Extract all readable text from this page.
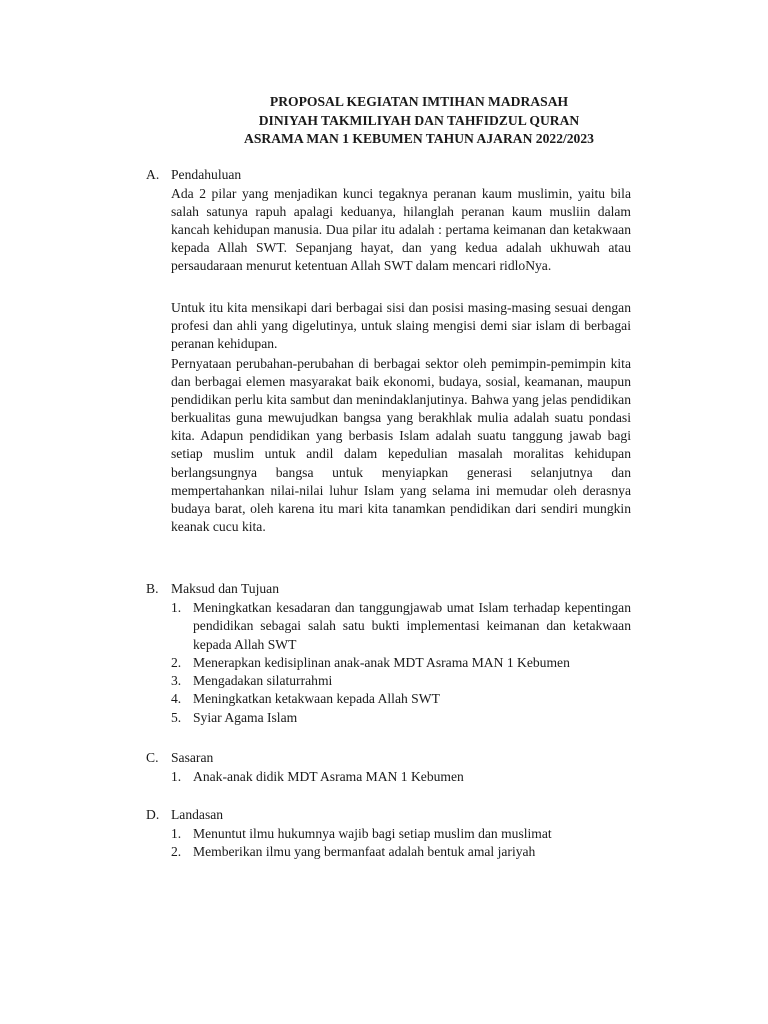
PROPOSAL KEGIATAN IMTIHAN MADRASAH
DINIYAH TAKMILIYAH DAN TAHFIDZUL QURAN
ASRAMA MAN 1 KEBUMEN TAHUN AJARAN 2022/2023
A. Pendahuluan

Ada 2 pilar yang menjadikan kunci tegaknya peranan kaum muslimin, yaitu bila salah satunya rapuh apalagi keduanya, hilanglah peranan kaum musliin dalam kancah kehidupan manusia. Dua pilar itu adalah : pertama keimanan dan ketakwaan kepada Allah SWT. Sepanjang hayat, dan yang kedua adalah ukhuwah atau persaudaraan menurut ketentuan Allah SWT dalam mencari ridloNya.

Untuk itu kita mensikapi dari berbagai sisi dan posisi masing-masing sesuai dengan profesi dan ahli yang digelutinya, untuk slaing mengisi demi siar islam di berbagai peranan kehidupan.

Pernyataan perubahan-perubahan di berbagai sektor oleh pemimpin-pemimpin kita dan berbagai elemen masyarakat baik ekonomi, budaya, sosial, keamanan, maupun pendidikan perlu kita sambut dan menindaklanjutinya. Bahwa yang jelas pendidikan berkualitas guna mewujudkan bangsa yang berakhlak mulia adalah suatu pondasi kita. Adapun pendidikan yang berbasis Islam adalah suatu tanggung jawab bagi setiap muslim untuk andil dalam kepedulian masalah moralitas kehidupan berlangsungnya bangsa untuk menyiapkan generasi selanjutnya dan mempertahankan nilai-nilai luhur Islam yang selama ini memudar oleh derasnya budaya barat, oleh karena itu mari kita tanamkan pendidikan dari sendiri mungkin keanak cucu kita.

B. Maksud dan Tujuan
1. Meningkatkan kesadaran dan tanggungjawab umat Islam terhadap kepentingan pendidikan sebagai salah satu bukti implementasi keimanan dan ketakwaan kepada Allah SWT
2. Menerapkan kedisiplinan anak-anak MDT Asrama MAN 1 Kebumen
3. Mengadakan silaturrahmi
4. Meningkatkan ketakwaan kepada Allah SWT
5. Syiar Agama Islam
C. Sasaran
1. Anak-anak didik MDT Asrama MAN 1 Kebumen
D. Landasan
1. Menuntut ilmu hukumnya wajib bagi setiap muslim dan muslimat
2. Memberikan ilmu yang bermanfaat adalah bentuk amal jariyah
